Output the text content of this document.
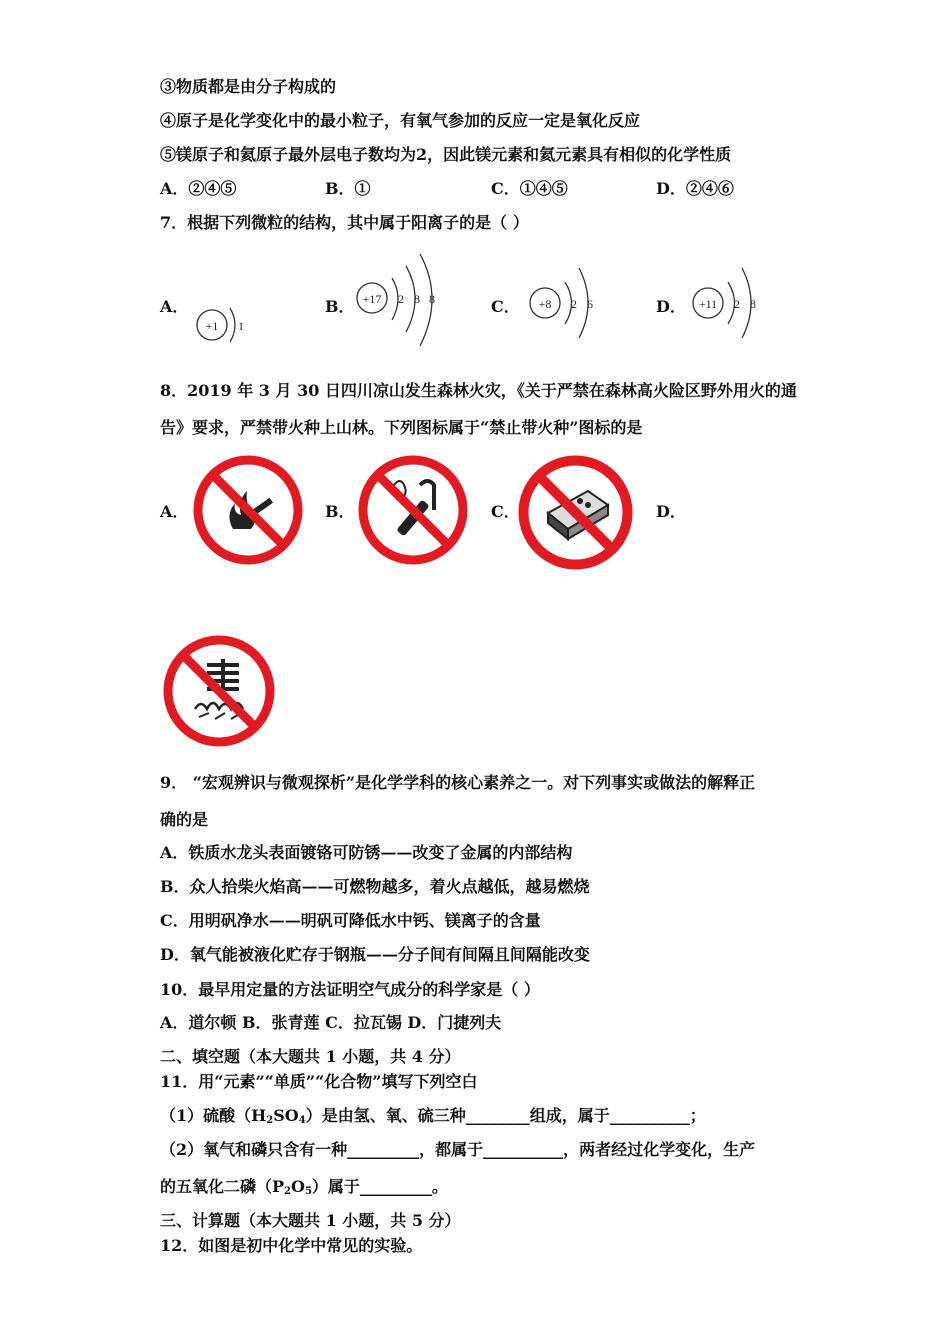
③物质都是由分子构成的
④原子是化学变化中的最小粒子，有氧气参加的反应一定是氧化反应
⑤镁原子和氦原子最外层电子数均为2，因此镁元素和氦元素具有相似的化学性质
A．②④⑤	B．①	C．①④⑤	D．②④⑥
7．根据下列微粒的结构，其中属于阳离子的是（ ）
A．
+1 1
B． +17 2 8 8	C． +8 2 6	D． +11 2 8
8．2019 年 3 月 30 日四川凉山发生森林火灾，《关于严禁在森林高火险区野外用火的通
告》要求，严禁带火种上山林。下列图标属于“禁止带火种”图标的是
A．	B．	C．	D．
9． “宏观辨识与微观探析”是化学学科的核心素养之一。对下列事实或做法的解释正
确的是
A．铁质水龙头表面镀铬可防锈——改变了金属的内部结构
B．众人拾柴火焰高——可燃物越多，着火点越低，越易燃烧
C．用明矾净水——明矾可降低水中钙、镁离子的含量
D．氧气能被液化贮存于钢瓶——分子间有间隔且间隔能改变
10．最早用定量的方法证明空气成分的科学家是（ ）
A．道尔顿 B．张青莲 C．拉瓦锡 D．门捷列夫
二、填空题（本大题共 1 小题，共 4 分）
11．用“元素”“单质”“化合物”填写下列空白
（1）硫酸$(H_2SO_4)$是由氢、氧、硫三种________组成，属于__________；
（2）氧气和磷只含有一种_________，都属于__________，两者经过化学变化，生产
的五氧化二磷$(P_2O_5)$属于_________。
三、计算题（本大题共 1 小题，共 5 分）
12．如图是初中化学中常见的实验。
